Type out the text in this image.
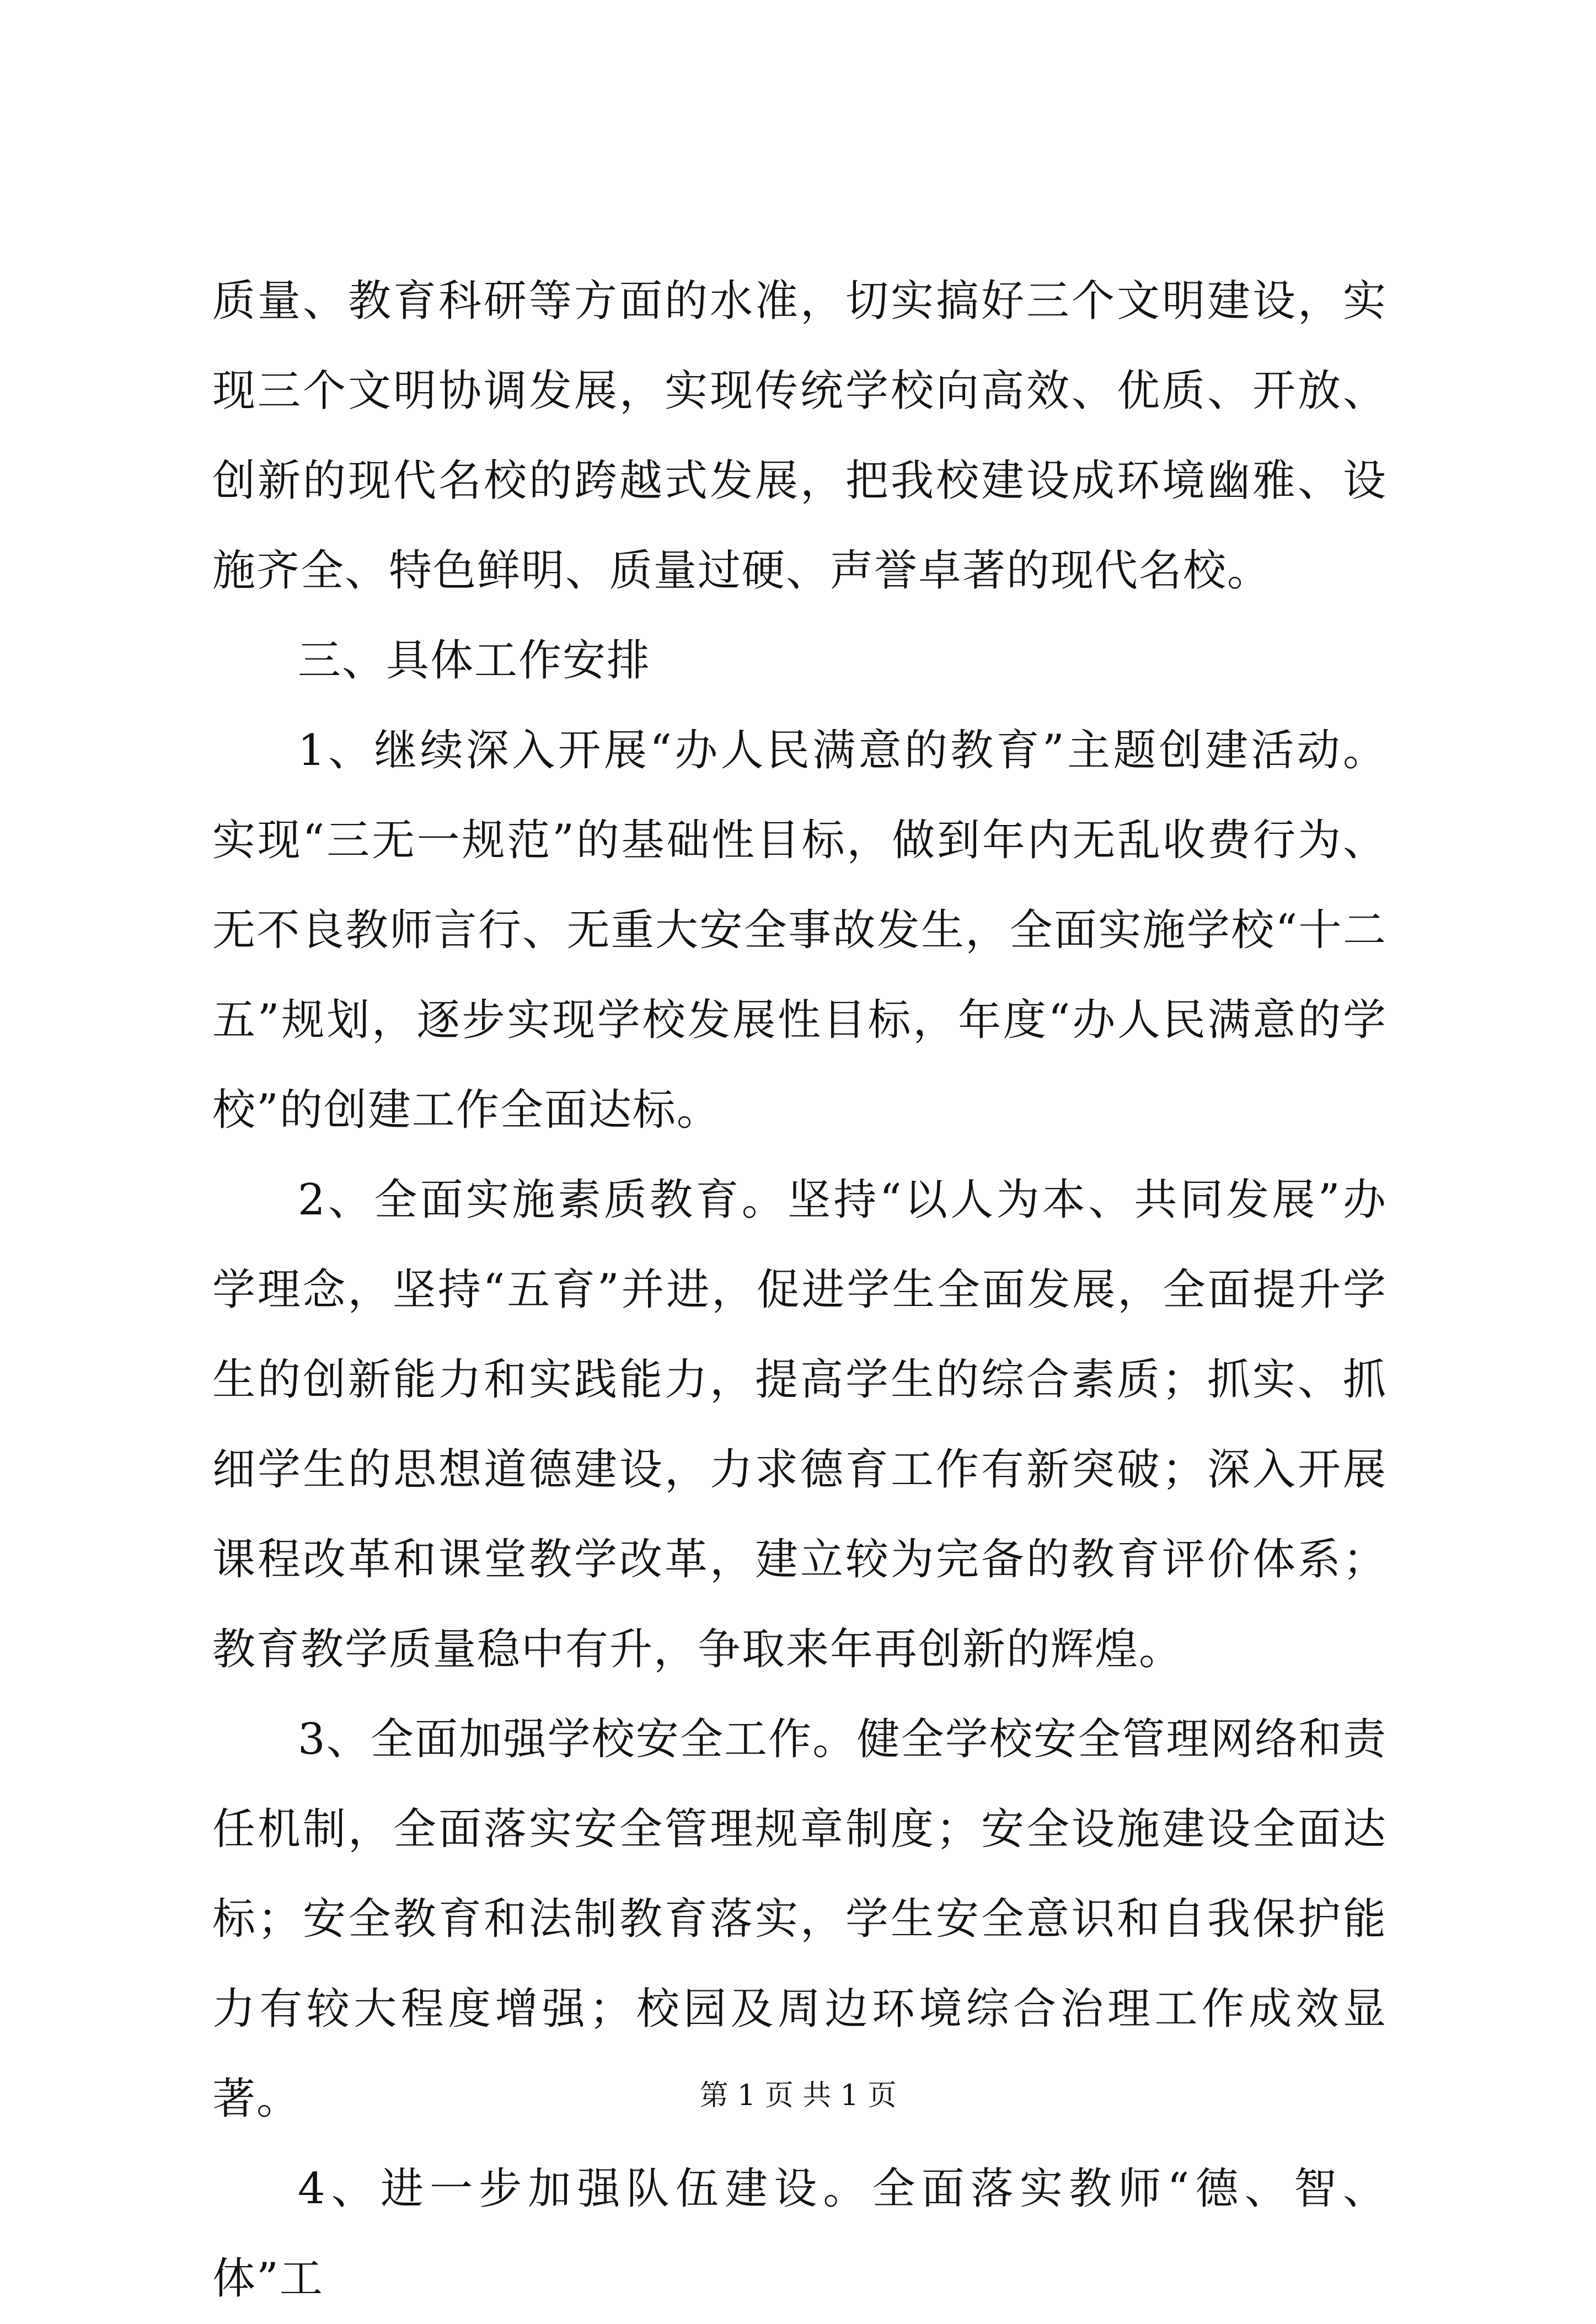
质量、教育科研等方面的水准，切实搞好三个文明建设，实现三个文明协调发展，实现传统学校向高效、优质、开放、创新的现代名校的跨越式发展，把我校建设成环境幽雅、设施齐全、特色鲜明、质量过硬、声誉卓著的现代名校。

三、具体工作安排

1、继续深入开展“办人民满意的教育”主题创建活动。实现“三无一规范”的基础性目标，做到年内无乱收费行为、无不良教师言行、无重大安全事故发生，全面实施学校“十二五”规划，逐步实现学校发展性目标，年度“办人民满意的学校”的创建工作全面达标。

2、全面实施素质教育。坚持“以人为本、共同发展”办学理念，坚持“五育”并进，促进学生全面发展，全面提升学生的创新能力和实践能力，提高学生的综合素质；抓实、抓细学生的思想道德建设，力求德育工作有新突破；深入开展课程改革和课堂教学改革，建立较为完备的教育评价体系；教育教学质量稳中有升，争取来年再创新的辉煌。

3、全面加强学校安全工作。健全学校安全管理网络和责任机制，全面落实安全管理规章制度；安全设施建设全面达标；安全教育和法制教育落实，学生安全意识和自我保护能力有较大程度增强；校园及周边环境综合治理工作成效显著。

4、进一步加强队伍建设。全面落实教师“德、智、体”工

第 1 页 共 1 页
